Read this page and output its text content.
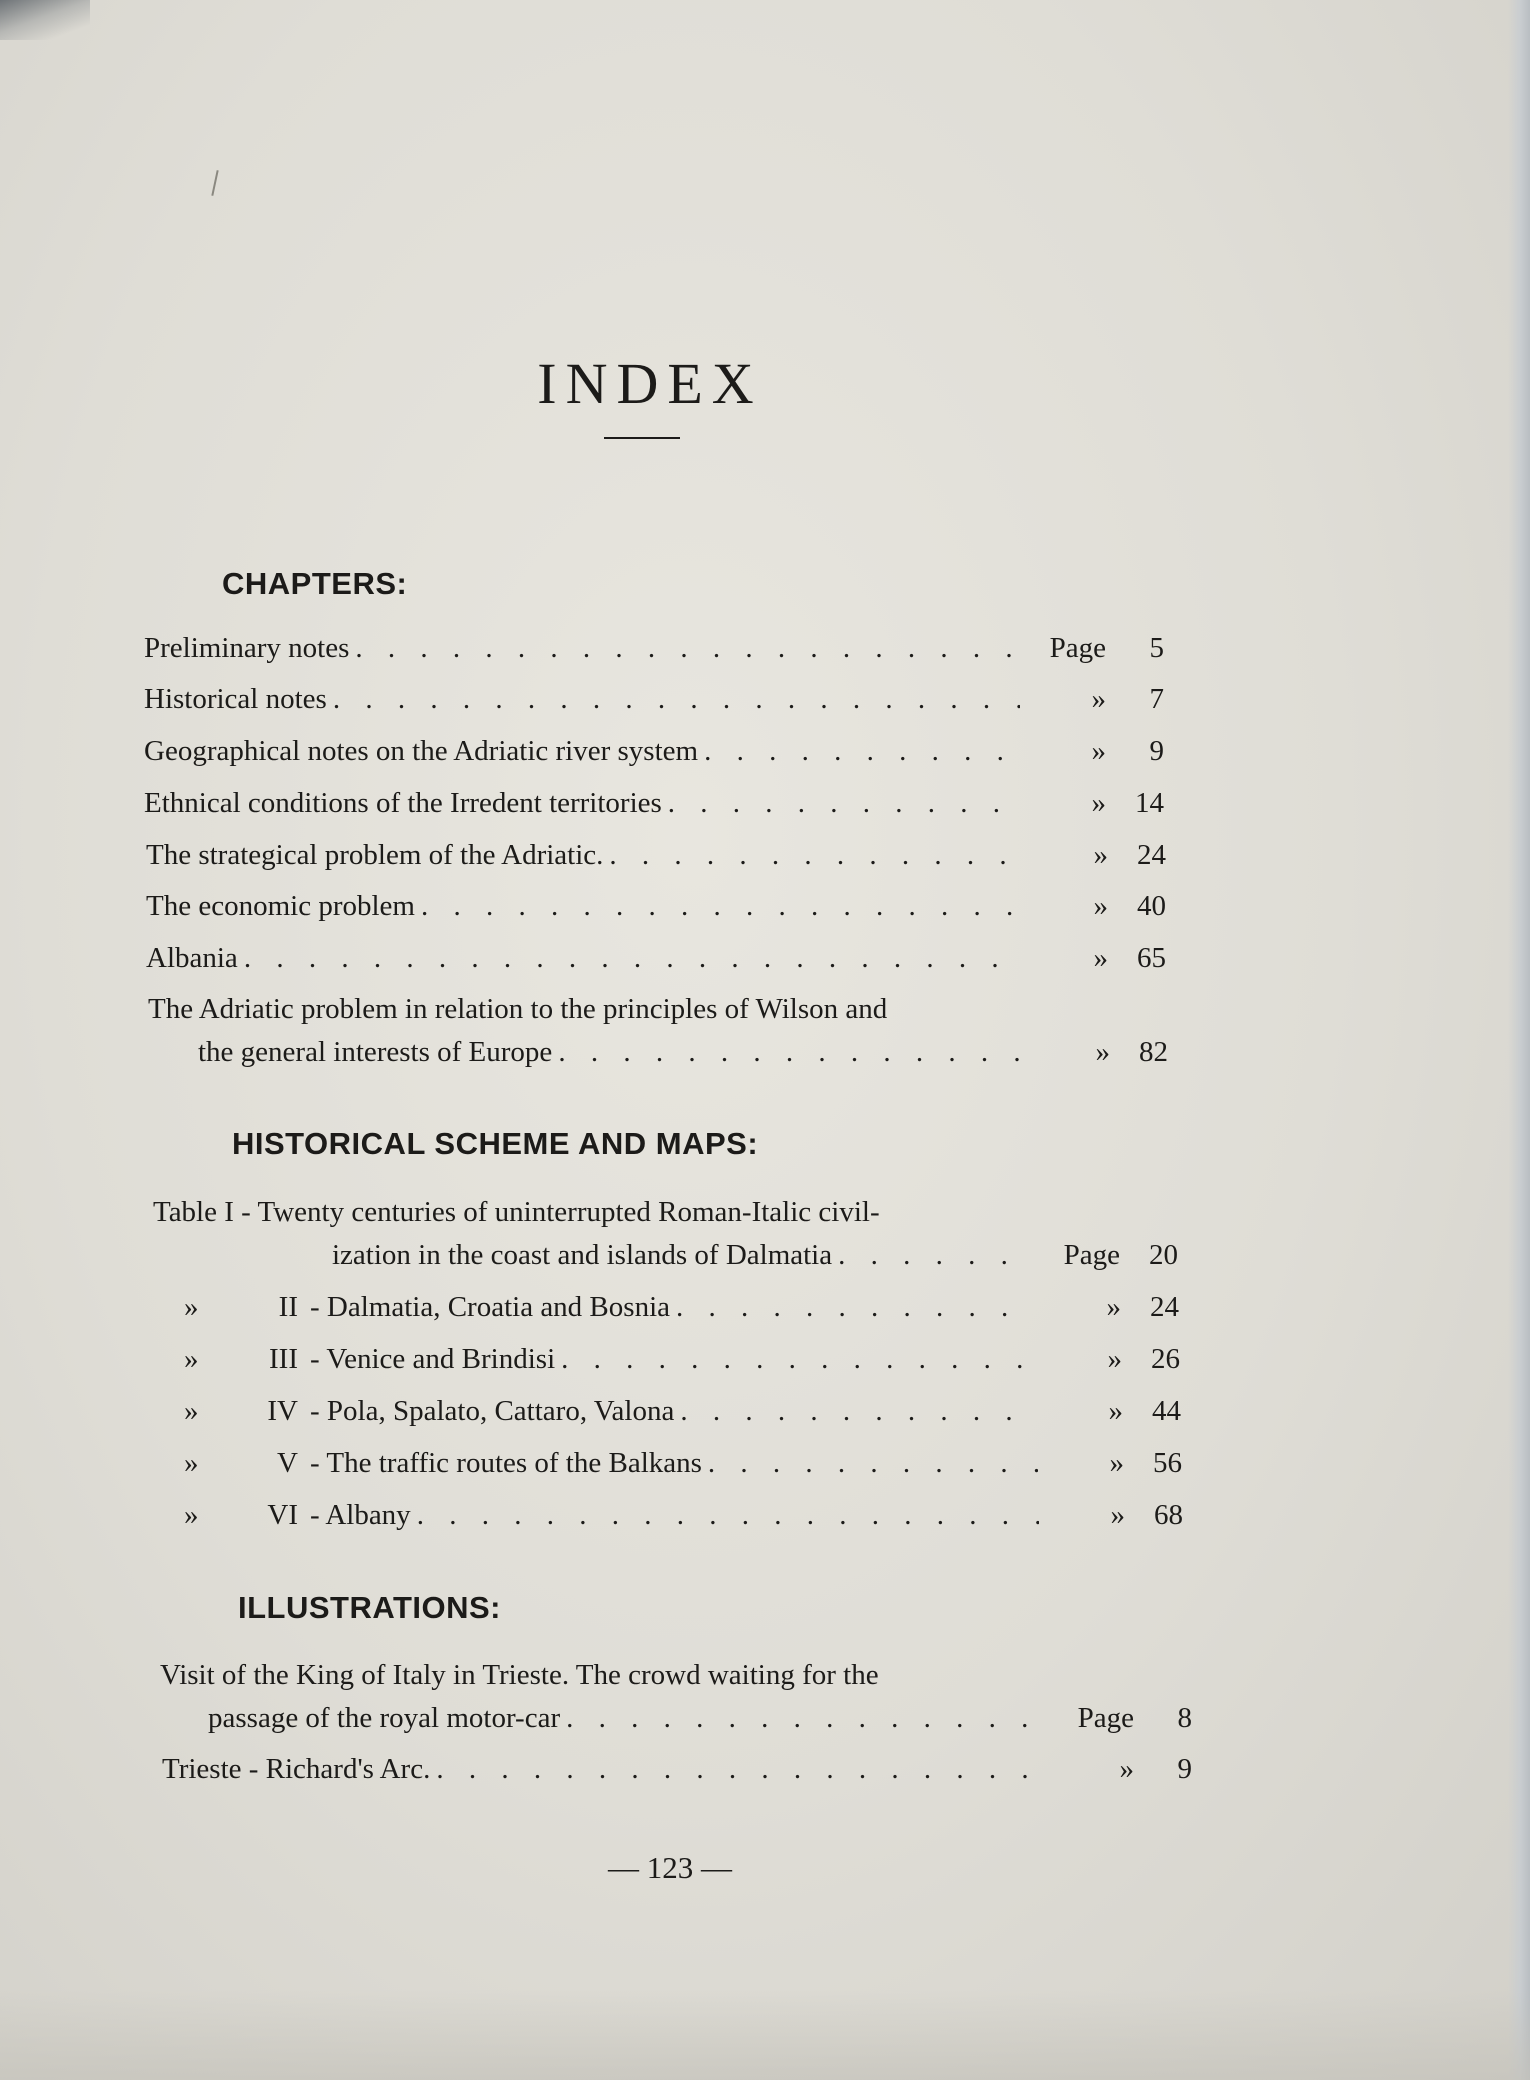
INDEX
CHAPTERS:
Preliminary notes . . .	Page	5
Historical notes . . .	»	7
Geographical notes on the Adriatic river system . . .	»	9
Ethnical conditions of the Irredent territories . . .	»	14
The strategical problem of the Adriatic. . . .	»	24
The economic problem . . .	»	40
Albania . . .	»	65
The Adriatic problem in relation to the principles of Wilson and
the general interests of Europe . . .	»	82
HISTORICAL SCHEME AND MAPS:
Table I - Twenty centuries of uninterrupted Roman-Italic civil-
ization in the coast and islands of Dalmatia . . .	Page	20
»	II - Dalmatia, Croatia and Bosnia . . .	»	24
»	III - Venice and Brindisi . . .	»	26
»	IV - Pola, Spalato, Cattaro, Valona . . .	»	44
»	V - The traffic routes of the Balkans . . .	»	56
»	VI - Albany . . .	»	68
ILLUSTRATIONS:
Visit of the King of Italy in Trieste. The crowd waiting for the
passage of the royal motor-car . . .	Page	8
Trieste - Richard's Arc. . . .	»	9
— 123 —
